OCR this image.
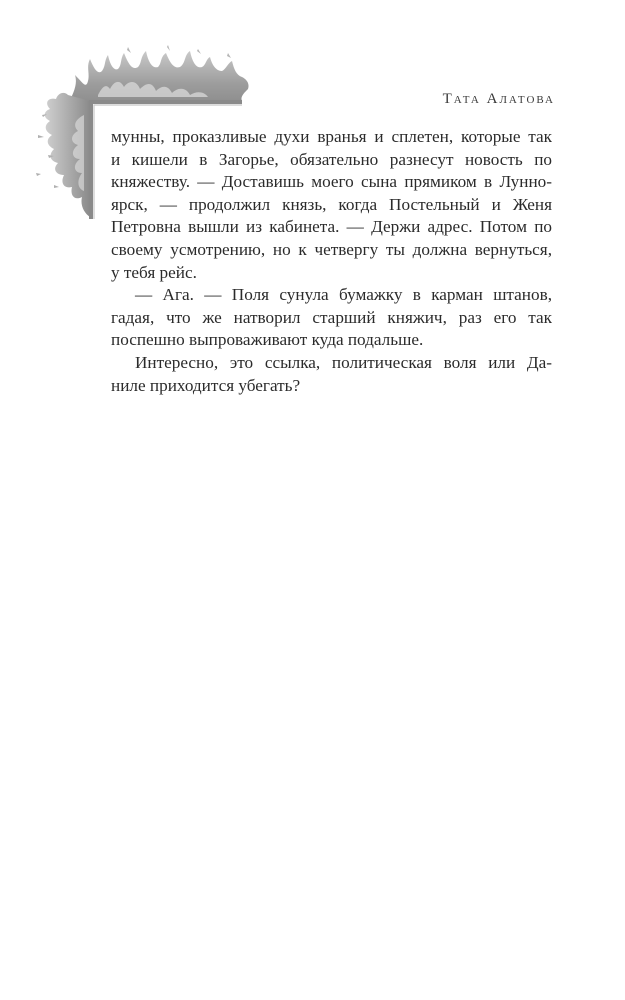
Тата Алатова

мунны, проказливые духи вранья и сплетен, которые так
и кишели в Загорье, обязательно разнесут новость по
княжеству. — Доставишь моего сына прямиком в Лунно-
ярск, — продолжил князь, когда Постельный и Женя
Петровна вышли из кабинета. — Держи адрес. Потом по
своему усмотрению, но к четвергу ты должна вернуться,
у тебя рейс.

— Ага. — Поля сунула бумажку в карман штанов,
гадая, что же натворил старший княжич, раз его так
поспешно выпроваживают куда подальше.

Интересно, это ссылка, политическая воля или Да-
ниле приходится убегать?
